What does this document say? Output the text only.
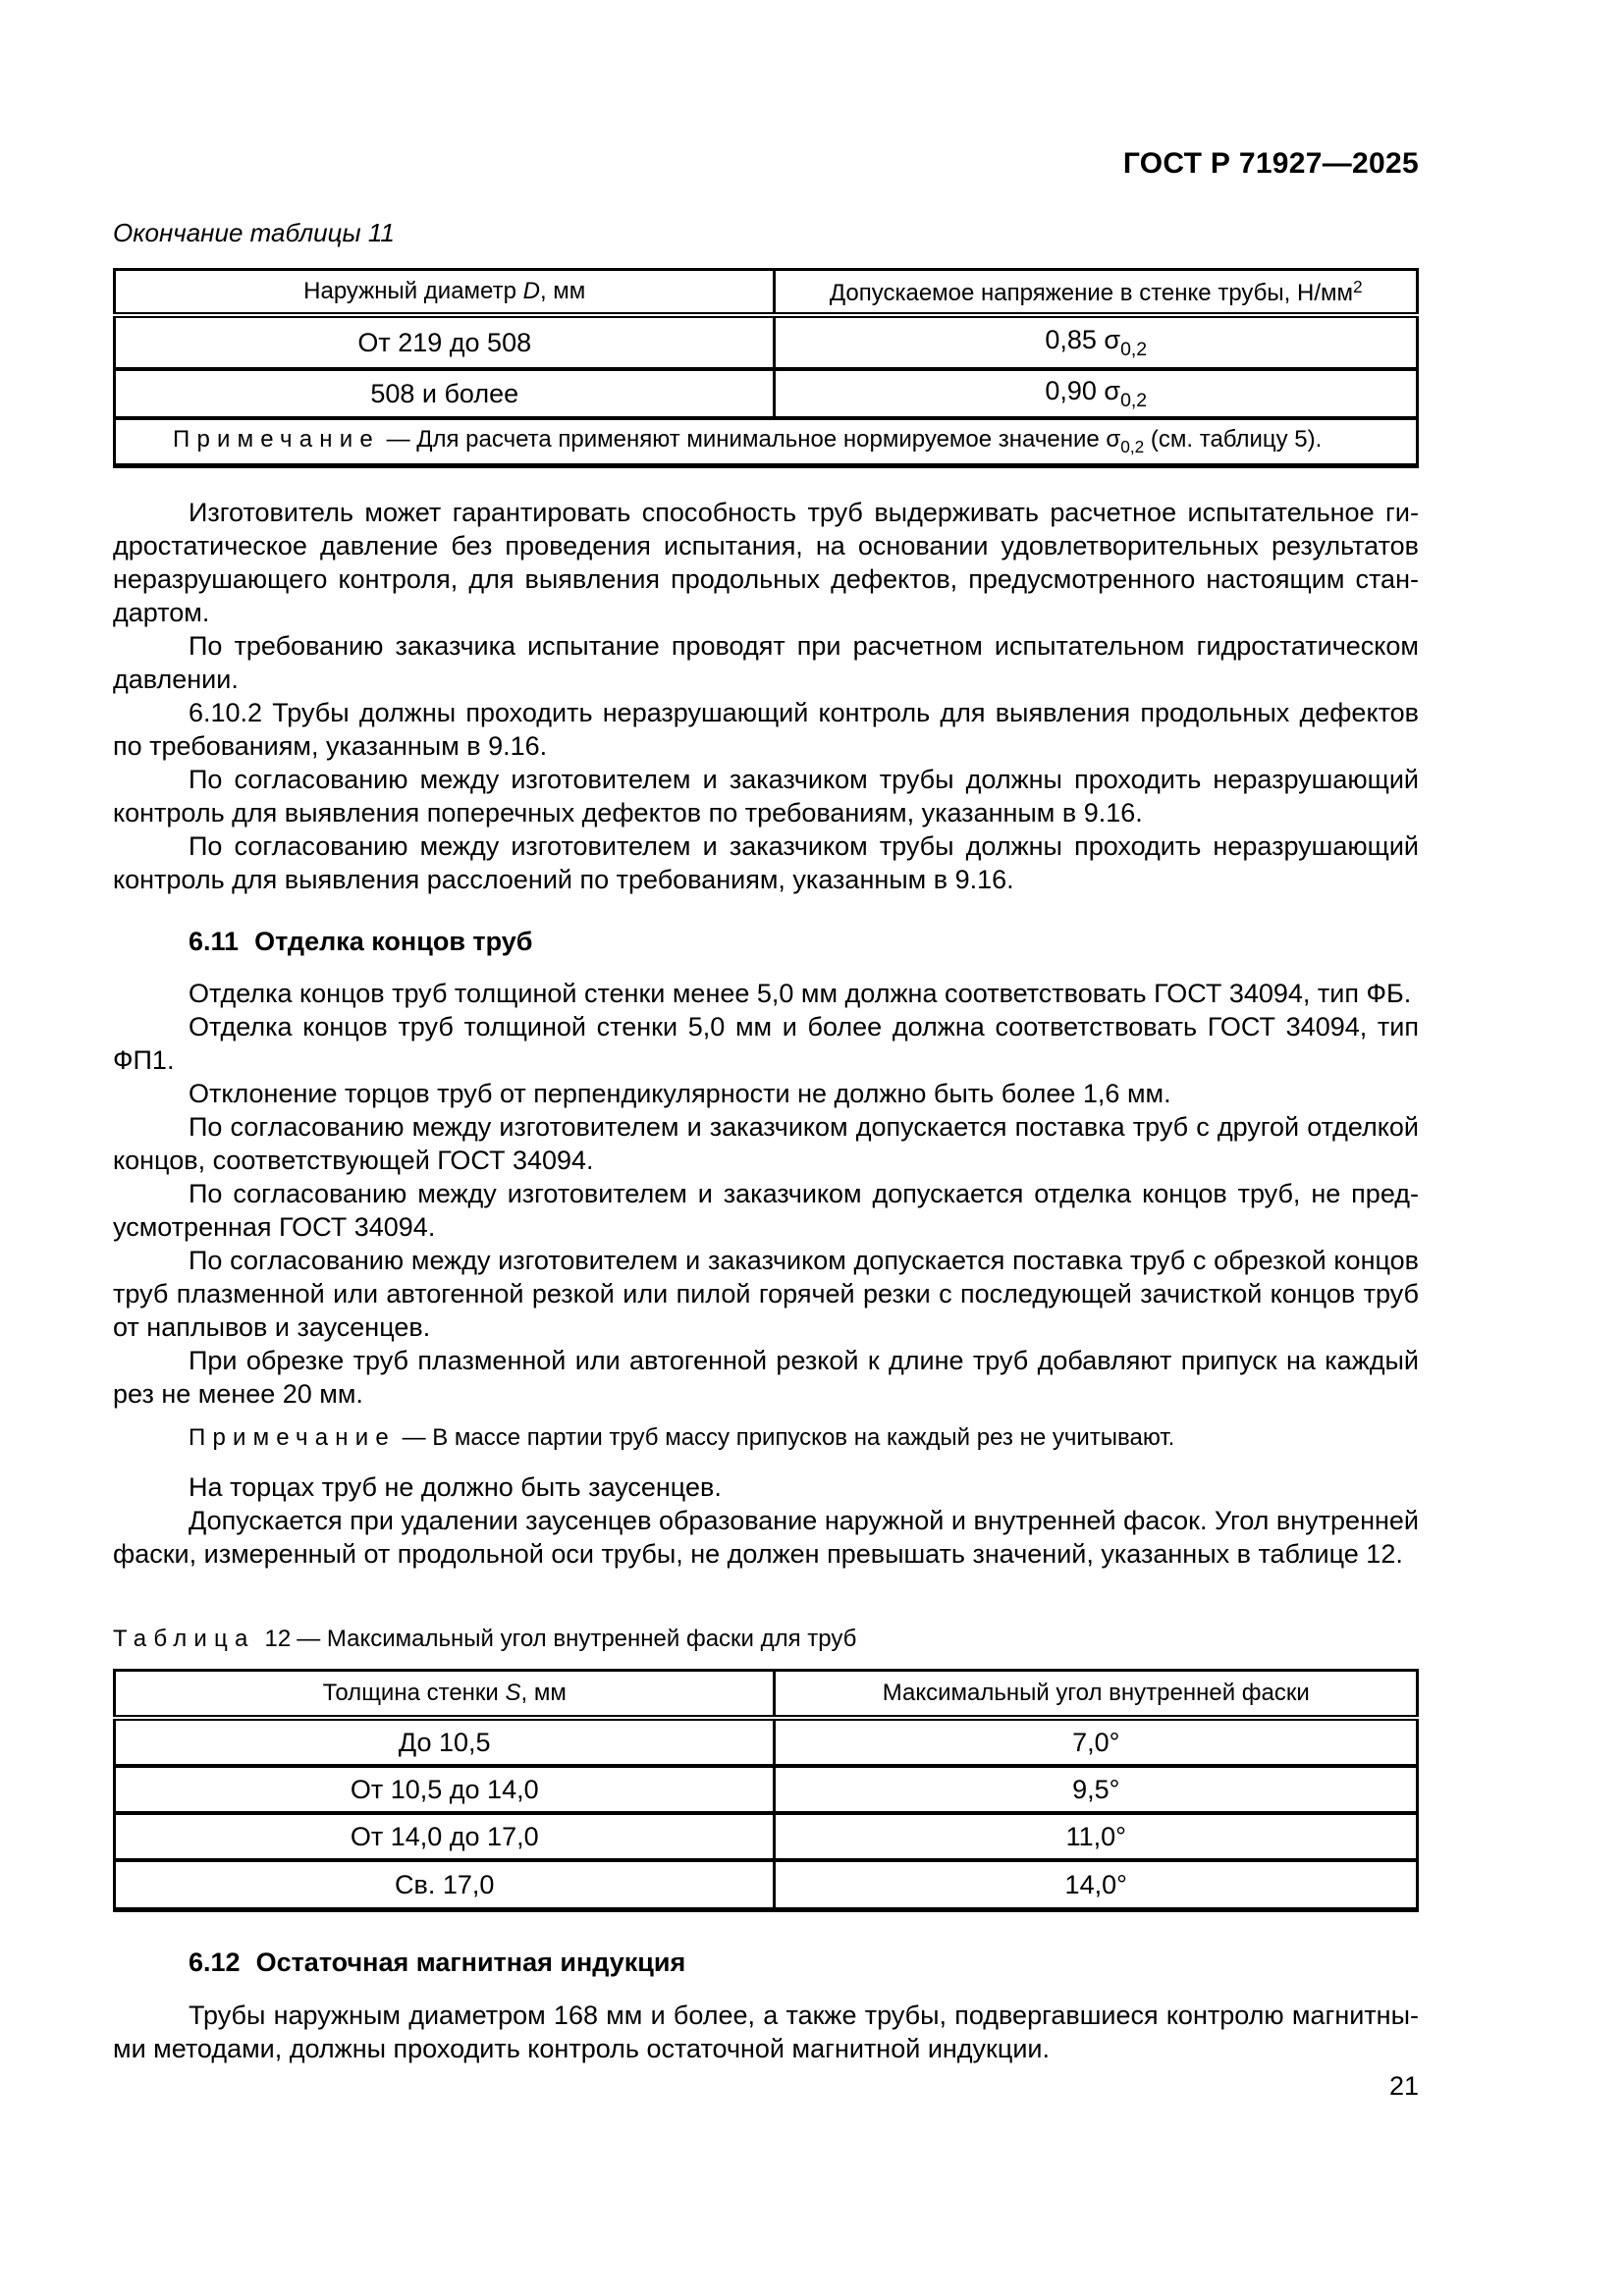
ГОСТ Р 71927—2025
Окончание таблицы 11
Наружный диаметр D, мм	Допускаемое напряжение в стенке трубы, $Н/мм^2$
От 219 до 508	0,85 $\sigma_{0,2}$
508 и более	0,90 $\sigma_{0,2}$
Примечание — Для расчета применяют минимальное нормируемое значение $\sigma_{0,2}$ (см. таблицу 5).	

Изготовитель может гарантировать способность труб выдерживать расчетное испытательное гидростатическое давление без проведения испытания, на основании удовлетворительных результатов неразрушающего контроля, для выявления продольных дефектов, предусмотренного настоящим стандартом.

По требованию заказчика испытание проводят при расчетном испытательном гидростатическом давлении.

6.10.2 Трубы должны проходить неразрушающий контроль для выявления продольных дефектов по требованиям, указанным в 9.16.

По согласованию между изготовителем и заказчиком трубы должны проходить неразрушающий контроль для выявления поперечных дефектов по требованиям, указанным в 9.16.

По согласованию между изготовителем и заказчиком трубы должны проходить неразрушающий контроль для выявления расслоений по требованиям, указанным в 9.16.

6.11 Отделка концов труб

Отделка концов труб толщиной стенки менее 5,0 мм должна соответствовать ГОСТ 34094, тип ФБ.

Отделка концов труб толщиной стенки 5,0 мм и более должна соответствовать ГОСТ 34094, тип ФП1.

Отклонение торцов труб от перпендикулярности не должно быть более 1,6 мм.

По согласованию между изготовителем и заказчиком допускается поставка труб с другой отделкой концов, соответствующей ГОСТ 34094.

По согласованию между изготовителем и заказчиком допускается отделка концов труб, не предусмотренная ГОСТ 34094.

По согласованию между изготовителем и заказчиком допускается поставка труб с обрезкой концов труб плазменной или автогенной резкой или пилой горячей резки с последующей зачисткой концов труб от наплывов и заусенцев.

При обрезке труб плазменной или автогенной резкой к длине труб добавляют припуск на каждый рез не менее 20 мм.

Примечание — В массе партии труб массу припусков на каждый рез не учитывают.

На торцах труб не должно быть заусенцев.

Допускается при удалении заусенцев образование наружной и внутренней фасок. Угол внутренней фаски, измеренный от продольной оси трубы, не должен превышать значений, указанных в таблице 12.

Таблица 12 — Максимальный угол внутренней фаски для труб
Толщина стенки S, мм	Максимальный угол внутренней фаски
До 10,5	7,0°
От 10,5 до 14,0	9,5°
От 14,0 до 17,0	11,0°
Св. 17,0	14,0°
6.12 Остаточная магнитная индукция

Трубы наружным диаметром 168 мм и более, а также трубы, подвергавшиеся контролю магнитными методами, должны проходить контроль остаточной магнитной индукции.

21
